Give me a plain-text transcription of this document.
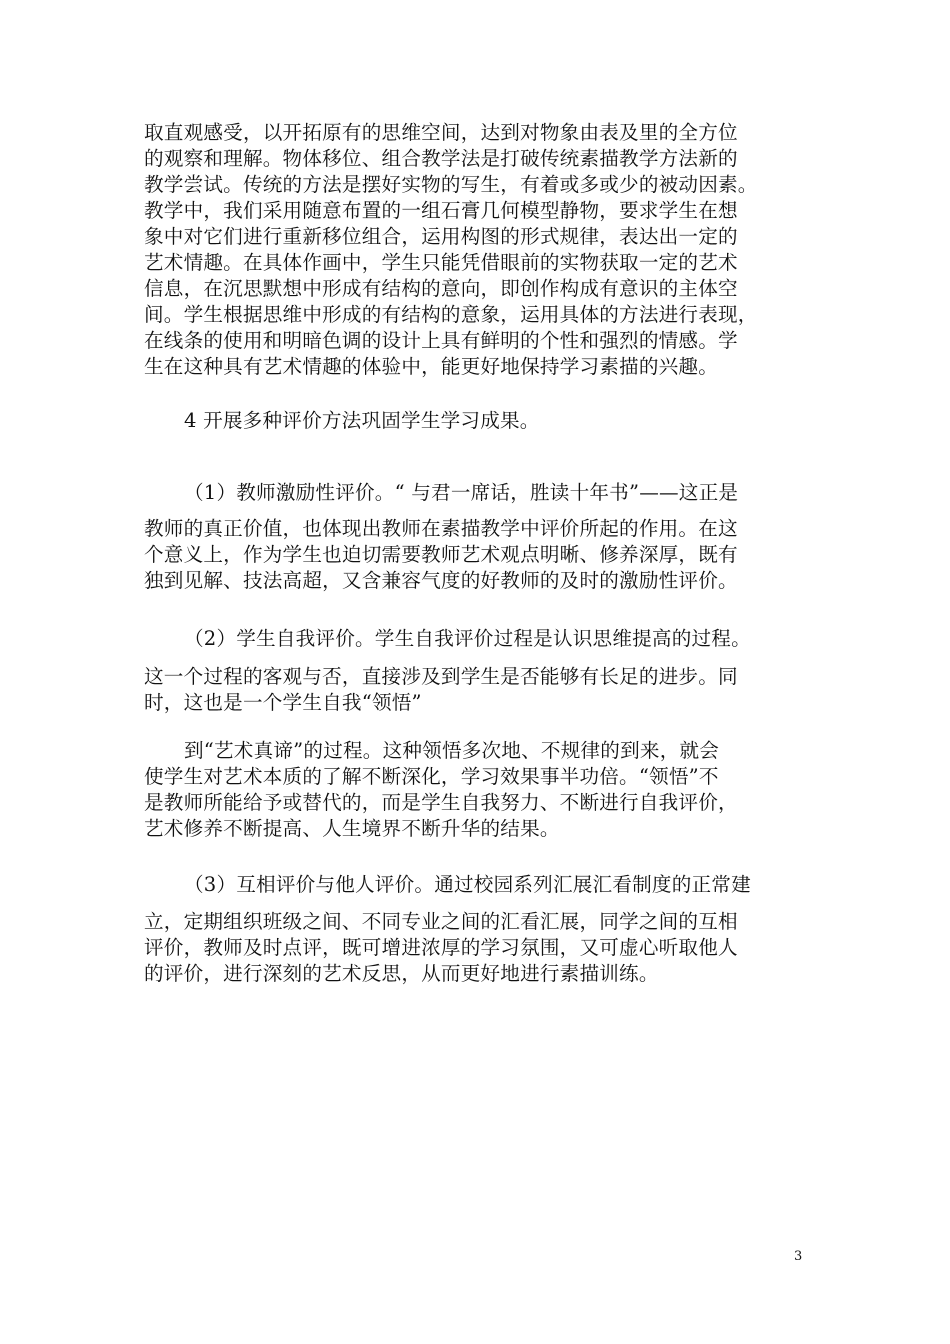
取直观感受，以开拓原有的思维空间，达到对物象由表及里的全方位
的观察和理解。物体移位、组合教学法是打破传统素描教学方法新的
教学尝试。传统的方法是摆好实物的写生，有着或多或少的被动因素。
教学中，我们采用随意布置的一组石膏几何模型静物，要求学生在想
象中对它们进行重新移位组合，运用构图的形式规律，表达出一定的
艺术情趣。在具体作画中，学生只能凭借眼前的实物获取一定的艺术
信息，在沉思默想中形成有结构的意向，即创作构成有意识的主体空
间。学生根据思维中形成的有结构的意象，运用具体的方法进行表现，
在线条的使用和明暗色调的设计上具有鲜明的个性和强烈的情感。学
生在这种具有艺术情趣的体验中，能更好地保持学习素描的兴趣。

4 开展多种评价方法巩固学生学习成果。

（1）教师激励性评价。“ 与君一席话，胜读十年书”——这正是

教师的真正价值，也体现出教师在素描教学中评价所起的作用。在这
个意义上，作为学生也迫切需要教师艺术观点明晰、修养深厚，既有
独到见解、技法高超，又含兼容气度的好教师的及时的激励性评价。

（2）学生自我评价。学生自我评价过程是认识思维提高的过程。

这一个过程的客观与否，直接涉及到学生是否能够有长足的进步。同
时，这也是一个学生自我“领悟”

到“艺术真谛”的过程。这种领悟多次地、不规律的到来，就会
使学生对艺术本质的了解不断深化，学习效果事半功倍。“领悟”不
是教师所能给予或替代的，而是学生自我努力、不断进行自我评价，
艺术修养不断提高、人生境界不断升华的结果。

（3）互相评价与他人评价。通过校园系列汇展汇看制度的正常建

立，定期组织班级之间、不同专业之间的汇看汇展，同学之间的互相
评价，教师及时点评，既可增进浓厚的学习氛围，又可虚心听取他人
的评价，进行深刻的艺术反思，从而更好地进行素描训练。

3
